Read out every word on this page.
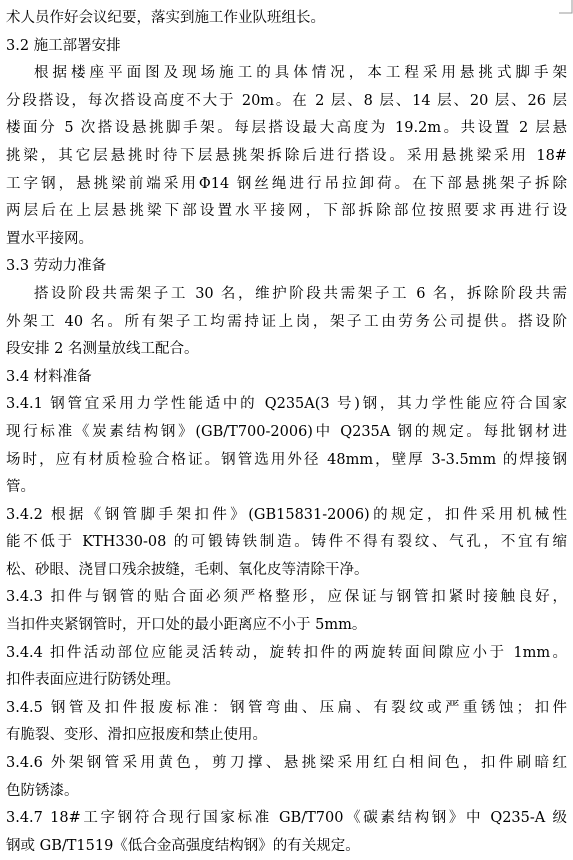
术人员作好会议纪要，落实到施工作业队班组长。
3.2 施工部署安排
根据楼座平面图及现场施工的具体情况，本工程采用悬挑式脚手架
分段搭设，每次搭设高度不大于 20m。在 2 层、8 层、14 层、20 层、26 层
楼面分 5 次搭设悬挑脚手架。每层搭设最大高度为 19.2m。共设置 2 层悬
挑梁，其它层悬挑时待下层悬挑架拆除后进行搭设。采用悬挑梁采用 18#
工字钢，悬挑梁前端采用Φ14 钢丝绳进行吊拉卸荷。在下部悬挑架子拆除
两层后在上层悬挑梁下部设置水平接网，下部拆除部位按照要求再进行设
置水平接网。
3.3 劳动力准备
搭设阶段共需架子工 30 名，维护阶段共需架子工 6 名，拆除阶段共需
外架工 40 名。所有架子工均需持证上岗，架子工由劳务公司提供。搭设阶
段安排 2 名测量放线工配合。
3.4 材料准备
3.4.1 钢管宜采用力学性能适中的 Q235A(3 号)钢，其力学性能应符合国家
现行标准《炭素结构钢》(GB/T700-2006)中 Q235A 钢的规定。每批钢材进
场时，应有材质检验合格证。钢管选用外径 48mm，壁厚 3-3.5mm 的焊接钢
管。
3.4.2 根据《钢管脚手架扣件》(GB15831-2006)的规定，扣件采用机械性
能不低于 KTH330-08 的可锻铸铁制造。铸件不得有裂纹、气孔，不宜有缩
松、砂眼、浇冒口残余披缝，毛刺、氧化皮等清除干净。
3.4.3 扣件与钢管的贴合面必须严格整形，应保证与钢管扣紧时接触良好，
当扣件夹紧钢管时，开口处的最小距离应不小于 5mm。
3.4.4 扣件活动部位应能灵活转动，旋转扣件的两旋转面间隙应小于 1mm。
扣件表面应进行防锈处理。
3.4.5 钢管及扣件报废标准：钢管弯曲、压扁、有裂纹或严重锈蚀；扣件
有脆裂、变形、滑扣应报废和禁止使用。
3.4.6 外架钢管采用黄色，剪刀撑、悬挑梁采用红白相间色，扣件刷暗红
色防锈漆。
3.4.7 18#工字钢符合现行国家标准 GB/T700《碳素结构钢》中 Q235-A 级
钢或 GB/T1519《低合金高强度结构钢》的有关规定。
